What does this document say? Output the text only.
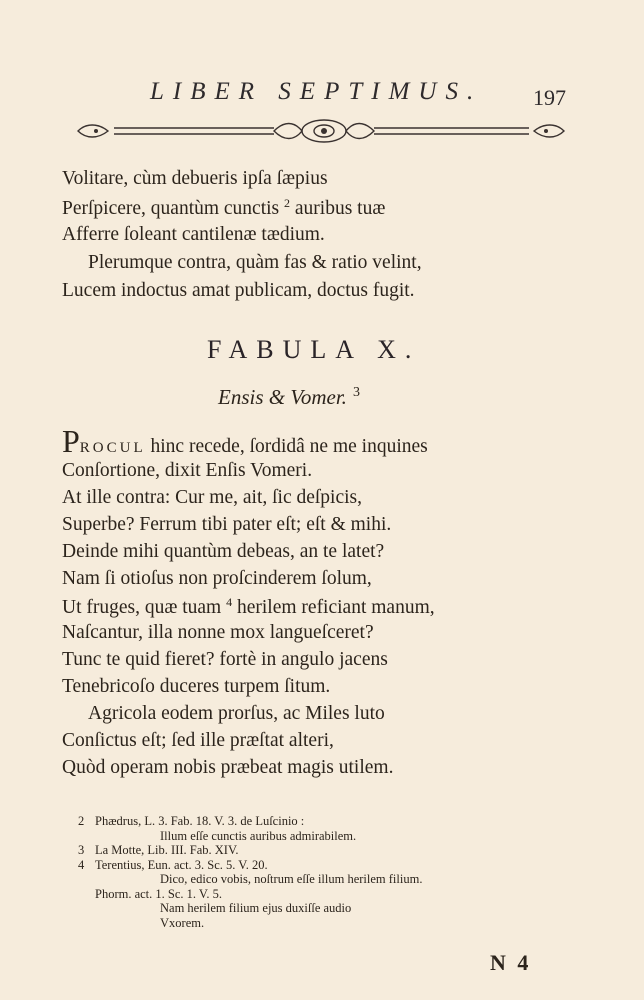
LIBER SEPTIMUS.	197
Volitare, cùm debueris ipſa ſæpius
Perſpicere, quantùm cunctis $^2$ auribus tuæ
Afferre ſoleant cantilenæ tædium.
Plerumque contra, quàm fas & ratio velint,
Lucem indoctus amat publicam, doctus fugit.
FABULA X.
Ensis & Vomer. $^3$
PROCUL hinc recede, ſordidâ ne me inquines
Conſortione, dixit Enſis Vomeri.
At ille contra: Cur me, ait, ſic deſpicis,
Superbe? Ferrum tibi pater eſt; eſt & mihi.
Deinde mihi quantùm debeas, an te latet?
Nam ſi otioſus non proſcinderem ſolum,
Ut fruges, quæ tuam $^4$ herilem reficiant manum,
Naſcantur, illa nonne mox langueſceret?
Tunc te quid fieret? fortè in angulo jacens
Tenebricoſo duceres turpem ſitum.
Agricola eodem prorſus, ac Miles luto
Conſictus eſt; ſed ille præſtat alteri,
Quòd operam nobis præbeat magis utilem.
2 Phædrus, L. 3. Fab. 18. V. 3. de Luſcinio :
Illum eſſe cunctis auribus admirabilem.
3 La Motte, Lib. III. Fab. XIV.
4 Terentius, Eun. act. 3. Sc. 5. V. 20.
Dico, edico vobis, noſtrum eſſe illum herilem filium.
Phorm. act. 1. Sc. 1. V. 5.
Nam herilem filium ejus duxiſſe audio
Vxorem.
N 4
